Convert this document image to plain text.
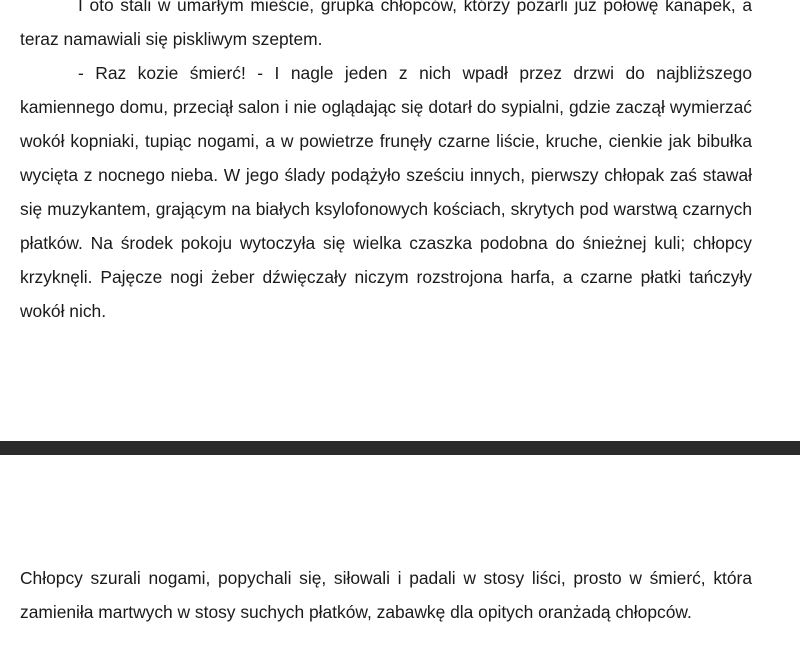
I oto stali w umarłym mieście, grupka chłopców, którzy pożarli już połowę kanapek, a teraz namawiali się piskliwym szeptem.

- Raz kozie śmierć! - I nagle jeden z nich wpadł przez drzwi do najbliższego kamiennego domu, przeciął salon i nie oglądając się dotarł do sypialni, gdzie zaczął wymierzać wokół kopniaki, tupiąc nogami, a w powietrze frunęły czarne liście, kruche, cienkie jak bibułka wycięta z nocnego nieba. W jego ślady podążyło sześciu innych, pierwszy chłopak zaś stawał się muzykantem, grającym na białych ksylofonowych kościach, skrytych pod warstwą czarnych płatków. Na środek pokoju wytoczyła się wielka czaszka podobna do śnieżnej kuli; chłopcy krzyknęli. Pajęcze nogi żeber dźwięczały niczym rozstrojona harfa, a czarne płatki tańczyły wokół nich.

Chłopcy szurali nogami, popychali się, siłowali i padali w stosy liści, prosto w śmierć, która zamieniła martwych w stosy suchych płatków, zabawkę dla opitych oranżadą chłopców.
